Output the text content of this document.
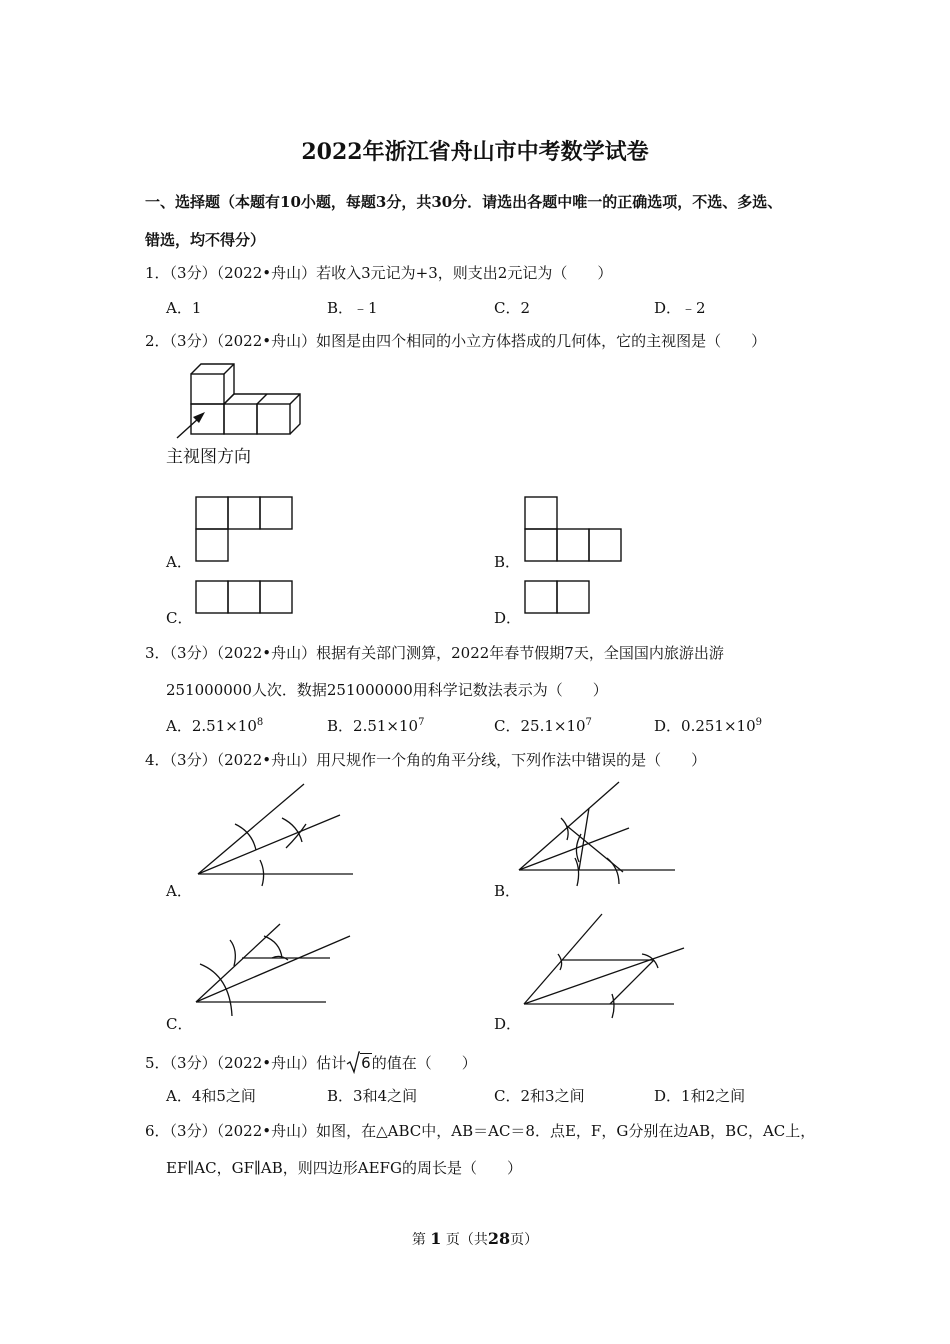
2022年浙江省舟山市中考数学试卷
一、选择题（本题有10小题，每题3分，共30分．请选出各题中唯一的正确选项，不选、多选、
错选，均不得分）
1．（3分）（2022•舟山）若收入3元记为+3，则支出2元记为（　　）
A．1	B．﹣1	C．2	D．﹣2
2．（3分）（2022•舟山）如图是由四个相同的小立方体搭成的几何体，它的主视图是（　　）
主视图方向
A．	B．
C．	D．
3．（3分）（2022•舟山）根据有关部门测算，2022年春节假期7天，全国国内旅游出游
251000000人次．数据251000000用科学记数法表示为（　　）
A．$2.51\times 10^8$	B．$2.51\times 10^7$	C．$25.1\times 10^7$	D．$0.251\times 10^9$
4．（3分）（2022•舟山）用尺规作一个角的角平分线，下列作法中错误的是（　　）
A．	B．
C．	D．
5．（3分）（2022•舟山）估计 6的值在（　　）
A．4和5之间	B．3和4之间	C．2和3之间	D．1和2之间
6．（3分）（2022•舟山）如图，在△ABC中，AB＝AC＝8．点E，F，G分别在边AB，BC，AC上，
EF∥AC，GF∥AB，则四边形AEFG的周长是（　　）
第 1 页（共28页）
